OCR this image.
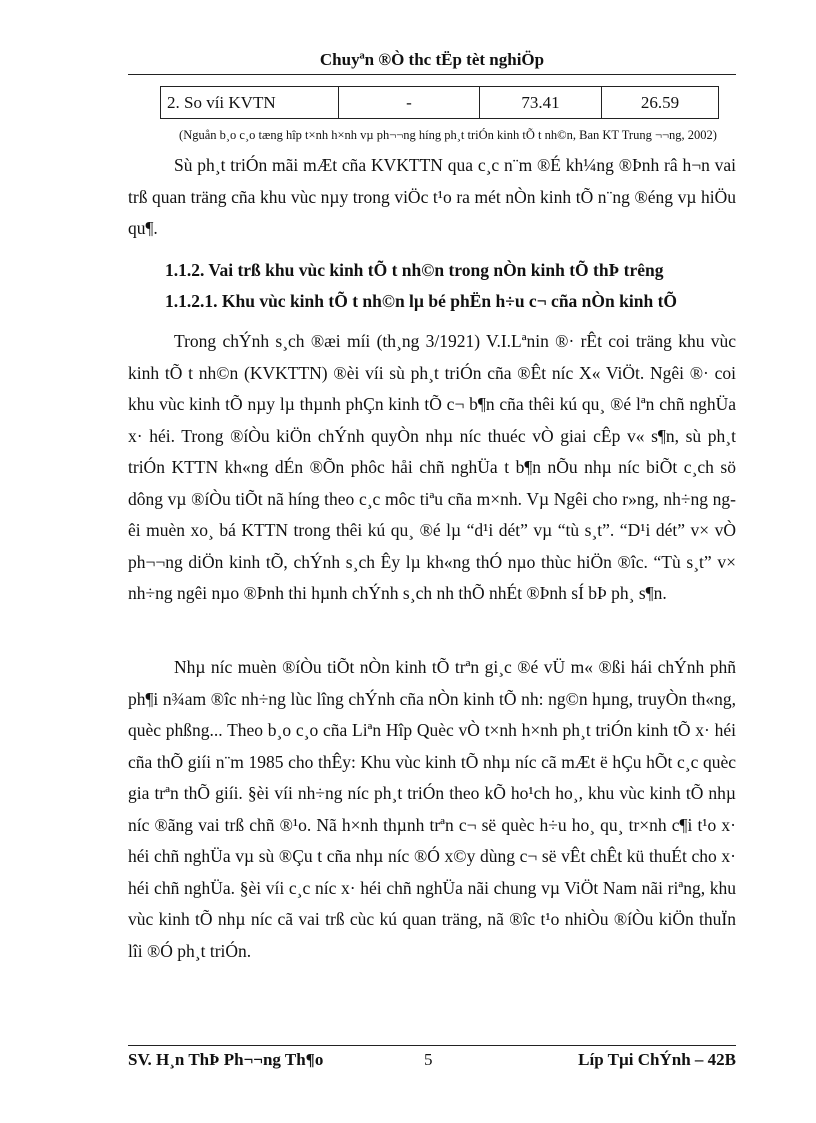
Chuyªn ®Ò thc tËp tèt nghiÖp
2. So víi KVTN	-	73.41	26.59
(Nguån b¸o c¸o tæng hîp t×nh h×nh vµ ph¬¬ng híng ph¸t triÓn kinh tÕ t nh©n, Ban KT Trung ¬¬ng, 2002)

Sù ph¸t triÓn mãi mÆt cña KVKTTN qua c¸c n¨m ®É kh¼ng ®Þnh râ h¬n vai trß quan träng cña khu vùc nµy trong viÖc t¹o ra mét nÒn kinh tÕ n¨ng ®éng vµ hiÖu qu¶.

1.1.2. Vai trß khu vùc kinh tÕ t nh©n trong nÒn kinh tÕ thÞ trêng
1.1.2.1. Khu vùc kinh tÕ t nh©n lµ bé phËn h÷u c¬ cña nÒn kinh tÕ

Trong chÝnh s¸ch ®æi míi (th¸ng 3/1921) V.I.Lªnin ®· rÊt coi träng khu vùc kinh tÕ t nh©n (KVKTTN) ®èi víi sù ph¸t triÓn cña ®Êt níc X« ViÖt. Ngêi ®· coi khu vùc kinh tÕ nµy lµ thµnh phÇn kinh tÕ c¬ b¶n cña thêi kú qu¸ ®é lªn chñ nghÜa x· héi. Trong ®íÒu kiÖn chÝnh quyÒn nhµ níc thuéc vÒ giai cÊp v« s¶n, sù ph¸t triÓn KTTN kh«ng dÉn ®Õn phôc håi chñ nghÜa t b¶n nÕu nhµ níc biÕt c¸ch sö dông vµ ®íÒu tiÕt nã híng theo c¸c môc tiªu cña m×nh. Vµ Ngêi cho r»ng, nh÷ng ngêi muèn xo¸ bá KTTN trong thêi kú qu¸ ®é lµ “d¹i dét” vµ “tù s¸t”. “D¹i dét” v× vÒ ph¬¬ng diÖn kinh tÕ, chÝnh s¸ch Êy lµ kh«ng thÓ nµo thùc hiÖn ®îc. “Tù s¸t” v× nh÷ng ngêi nµo ®Þnh thi hµnh chÝnh s¸ch nh thÕ nhÉt ®Þnh sÍ bÞ ph¸ s¶n.

Nhµ níc muèn ®íÒu tiÕt nÒn kinh tÕ trªn gi¸c ®é vÜ m« ®ßi hái chÝnh phñ ph¶i n¾am ®îc nh÷ng lùc lîng chÝnh cña nÒn kinh tÕ nh: ng©n hµng, truyÒn th«ng, quèc phßng... Theo b¸o c¸o cña Liªn Hîp Quèc vÒ t×nh h×nh ph¸t triÓn kinh tÕ x· héi cña thÕ giíi n¨m 1985 cho thÊy: Khu vùc kinh tÕ nhµ níc cã mÆt ë hÇu hÕt c¸c quèc gia trªn thÕ giíi. §èi víi nh÷ng níc ph¸t triÓn theo kÕ ho¹ch ho¸, khu vùc kinh tÕ nhµ níc ®ãng vai trß chñ ®¹o. Nã h×nh thµnh trªn c¬ së quèc h÷u ho¸ qu¸ tr×nh c¶i t¹o x· héi chñ nghÜa vµ sù ®Çu t cña nhµ níc ®Ó x©y dùng c¬ së vÊt chÊt kü thuÉt cho x· héi chñ nghÜa. §èi víi c¸c níc x· héi chñ nghÜa nãi chung vµ ViÖt Nam nãi riªng, khu vùc kinh tÕ nhµ níc cã vai trß cùc kú quan träng, nã ®îc t¹o nhiÒu ®íÒu kiÖn thuÏn lîi ®Ó ph¸t triÓn.

SV. H¸n ThÞ Ph¬¬ng Th¶o	5	Líp Tµi ChÝnh – 42B
